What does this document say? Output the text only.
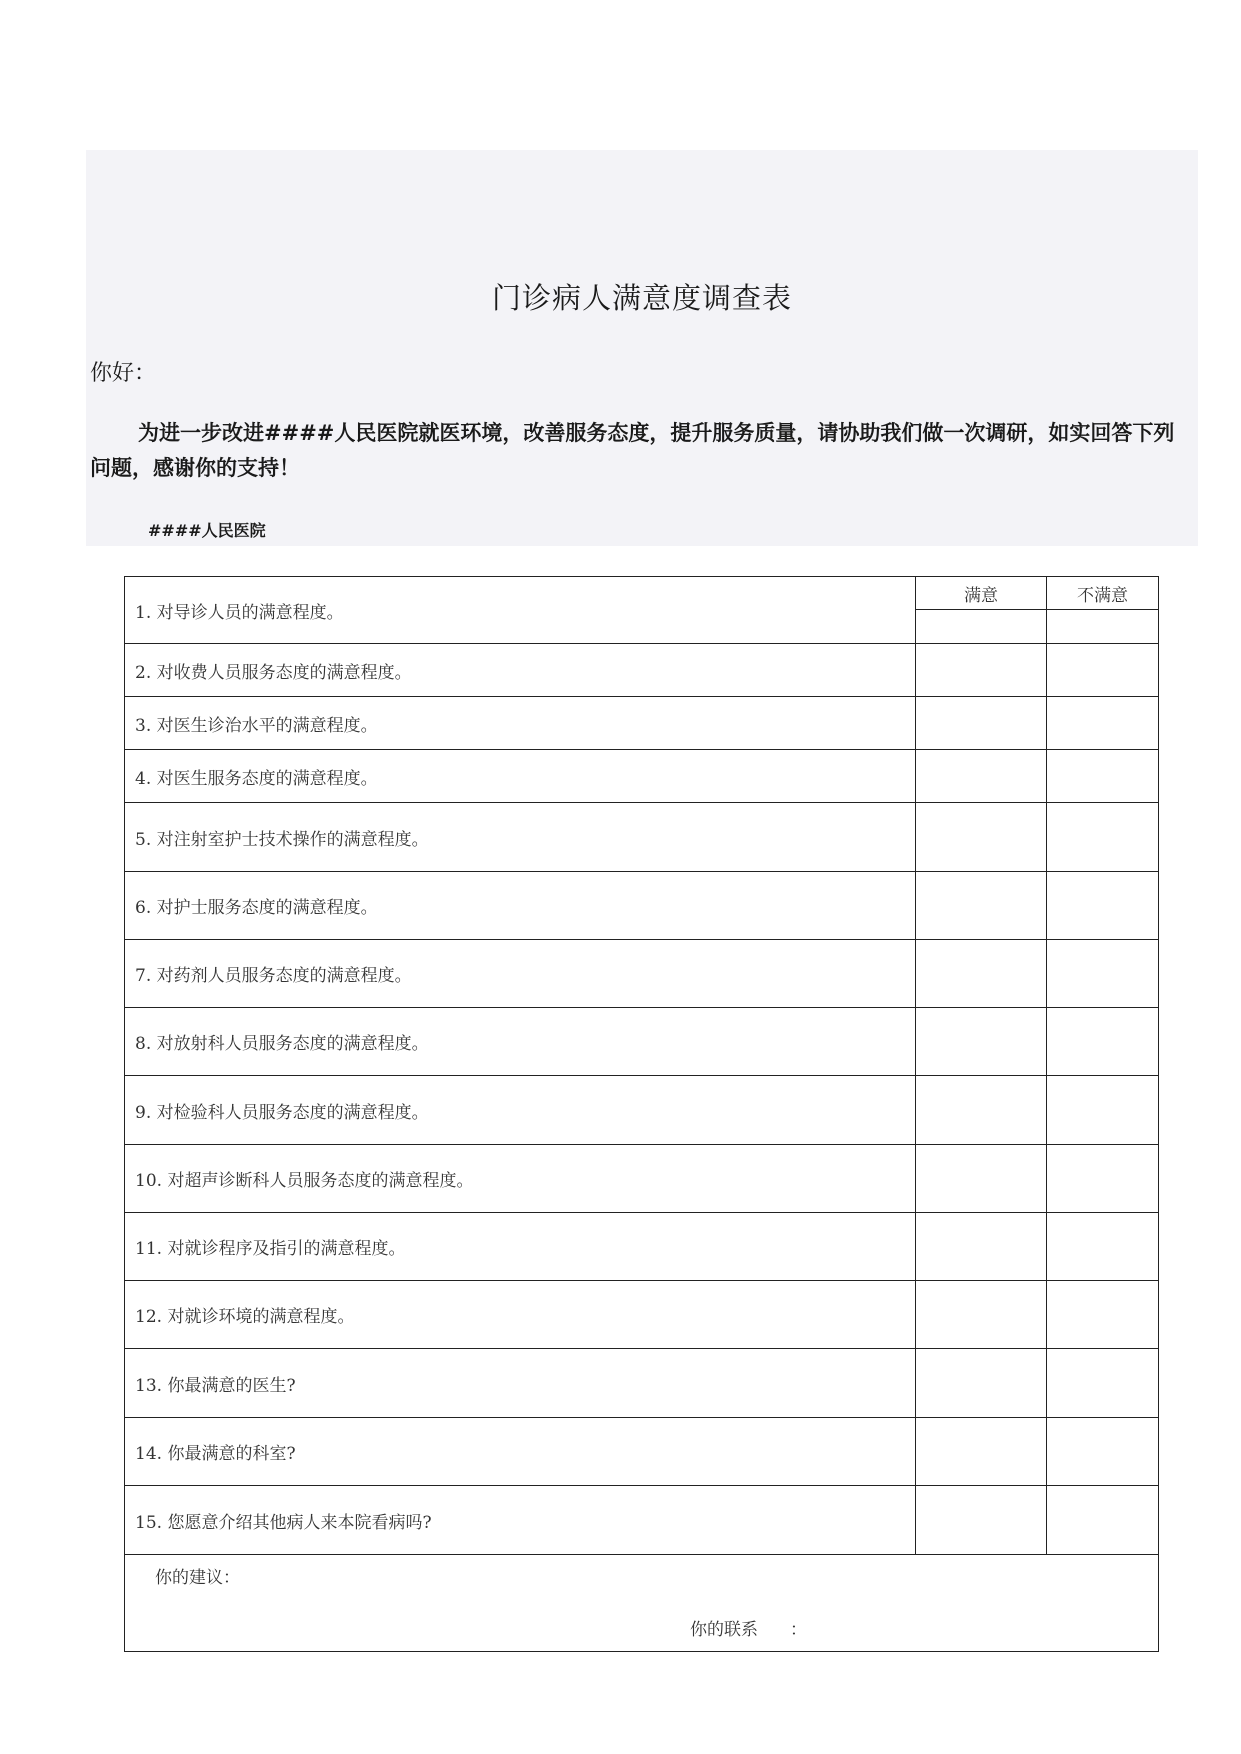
门诊病人满意度调查表
你好：
为进一步改进####人民医院就医环境，改善服务态度，提升服务质量，请协助我们做一次调研，如实回答下列问题，感谢你的支持！
####人民医院
1. 对导诊人员的满意程度。	满意	不满意

2. 对收费人员服务态度的满意程度。		
3. 对医生诊治水平的满意程度。		
4. 对医生服务态度的满意程度。		
5. 对注射室护士技术操作的满意程度。		
6. 对护士服务态度的满意程度。		
7. 对药剂人员服务态度的满意程度。		
8. 对放射科人员服务态度的满意程度。		
9. 对检验科人员服务态度的满意程度。		
10. 对超声诊断科人员服务态度的满意程度。		
11. 对就诊程序及指引的满意程度。		
12. 对就诊环境的满意程度。		
13. 你最满意的医生?		
14. 你最满意的科室?		
15. 您愿意介绍其他病人来本院看病吗?		

你的建议：
你的联系 ：		
